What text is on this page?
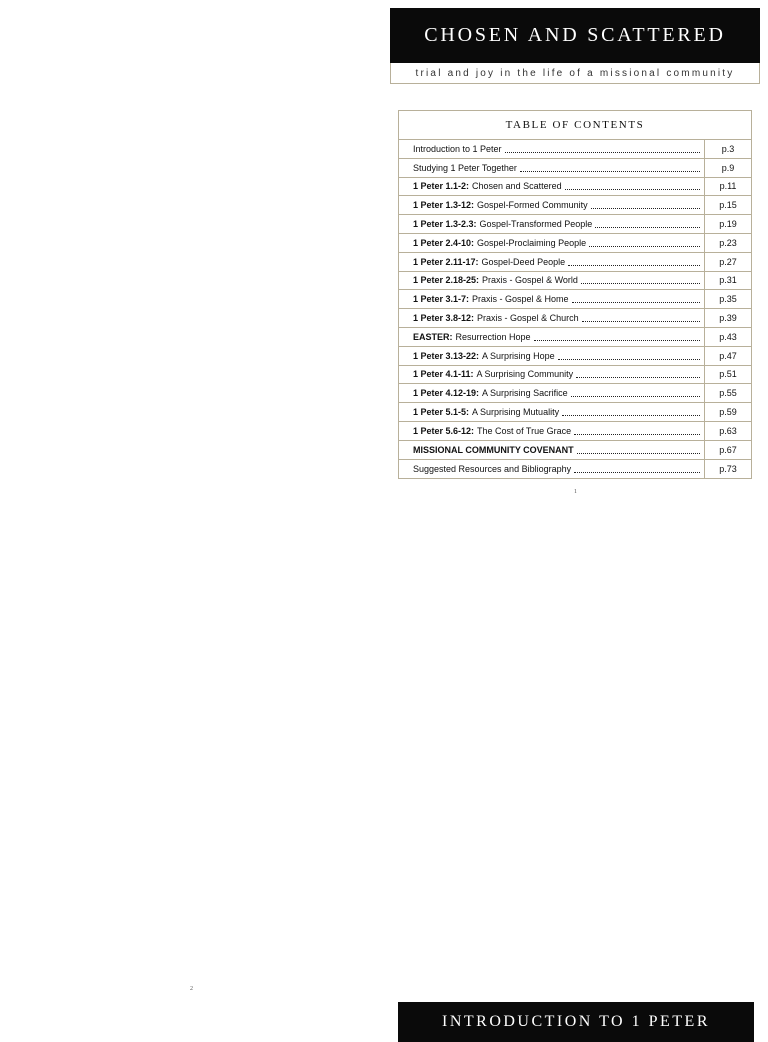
CHOSEN AND SCATTERED
trial and joy in the life of a missional community
TABLE OF CONTENTS
Introduction to 1 Peter	p.3
Studying 1 Peter Together	p.9
1 Peter 1.1-2: Chosen and Scattered	p.11
1 Peter 1.3-12: Gospel-Formed Community	p.15
1 Peter 1.3-2.3: Gospel-Transformed People	p.19
1 Peter 2.4-10: Gospel-Proclaiming People	p.23
1 Peter 2.11-17: Gospel-Deed People	p.27
1 Peter 2.18-25: Praxis - Gospel & World	p.31
1 Peter 3.1-7: Praxis - Gospel & Home	p.35
1 Peter 3.8-12: Praxis - Gospel & Church	p.39
EASTER: Resurrection Hope	p.43
1 Peter 3.13-22: A Surprising Hope	p.47
1 Peter 4.1-11: A Surprising Community	p.51
1 Peter 4.12-19: A Surprising Sacrifice	p.55
1 Peter 5.1-5: A Surprising Mutuality	p.59
1 Peter 5.6-12: The Cost of True Grace	p.63
MISSIONAL COMMUNITY COVENANT	p.67
Suggested Resources and Bibliography	p.73
1
2
INTRODUCTION TO 1 PETER
